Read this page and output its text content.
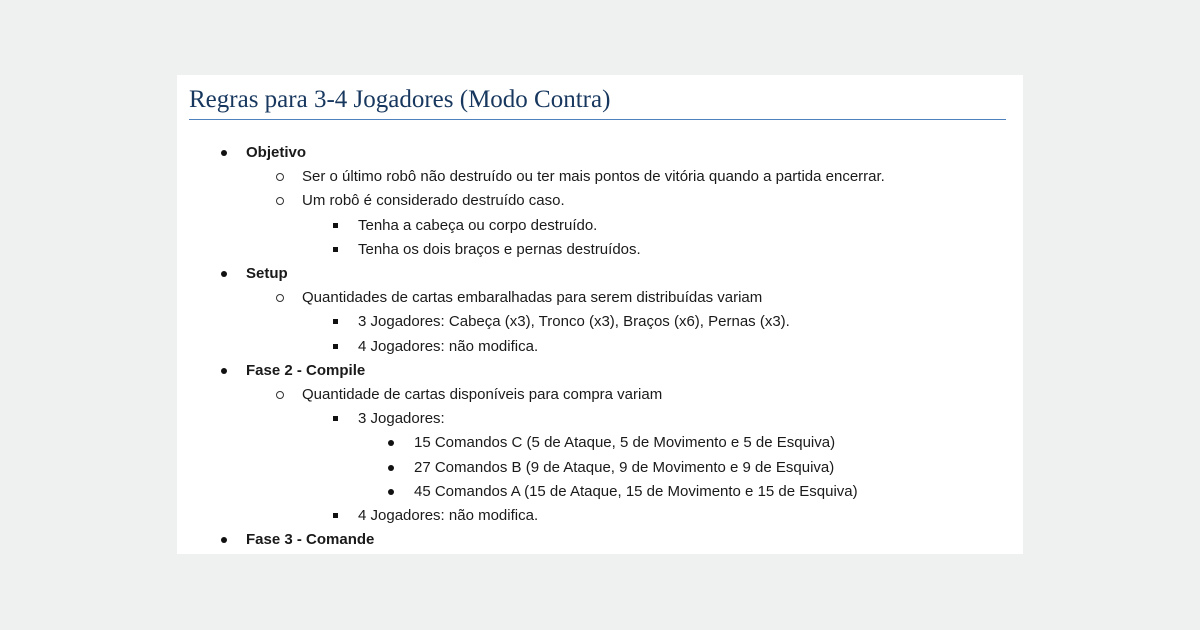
Regras para 3-4 Jogadores (Modo Contra)
Objetivo
Ser o último robô não destruído ou ter mais pontos de vitória quando a partida encerrar.
Um robô é considerado destruído caso.
Tenha a cabeça ou corpo destruído.
Tenha os dois braços e pernas destruídos.
Setup
Quantidades de cartas embaralhadas para serem distribuídas variam
3 Jogadores: Cabeça (x3), Tronco (x3), Braços (x6), Pernas (x3).
4 Jogadores: não modifica.
Fase 2 - Compile
Quantidade de cartas disponíveis para compra variam
3 Jogadores:
15 Comandos C (5 de Ataque, 5 de Movimento e 5 de Esquiva)
27 Comandos B (9 de Ataque, 9 de Movimento e 9 de Esquiva)
45 Comandos A (15 de Ataque, 15 de Movimento e 15 de Esquiva)
4 Jogadores: não modifica.
Fase 3 - Comande
